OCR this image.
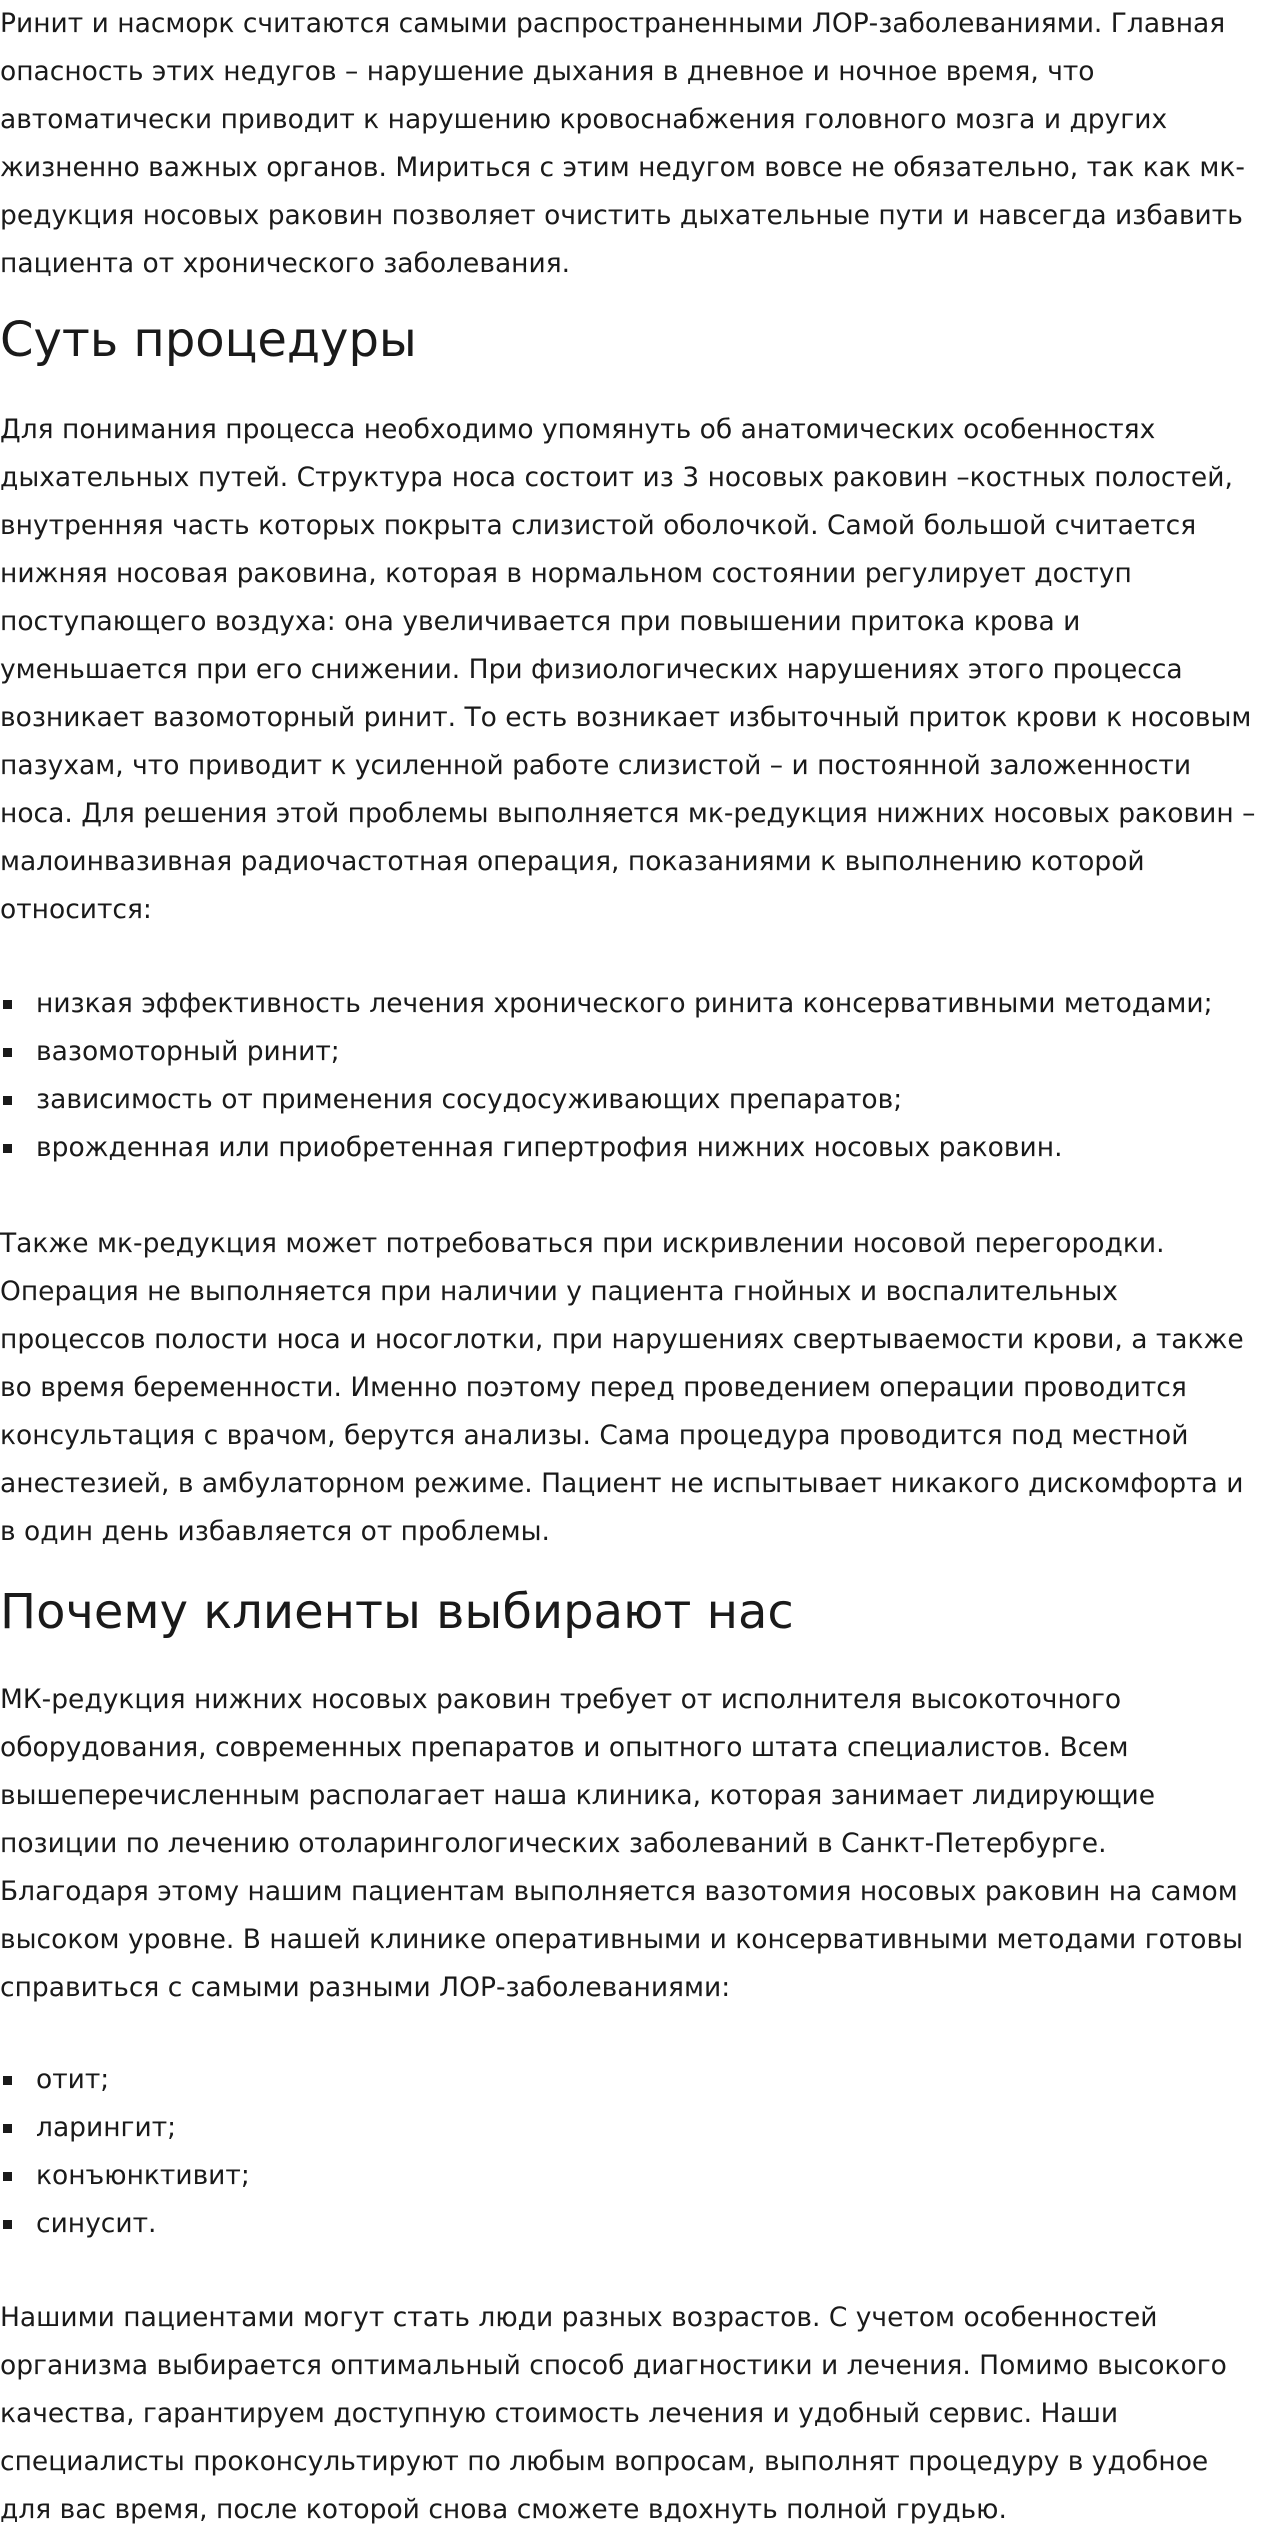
Ринит и насморк считаются самыми распространенными ЛОР-заболеваниями. Главная опасность этих недугов – нарушение дыхания в дневное и ночное время, что автоматически приводит к нарушению кровоснабжения головного мозга и других жизненно важных органов. Мириться с этим недугом вовсе не обязательно, так как мк-редукция носовых раковин позволяет очистить дыхательные пути и навсегда избавить пациента от хронического заболевания.

Суть процедуры

Для понимания процесса необходимо упомянуть об анатомических особенностях дыхательных путей. Структура носа состоит из 3 носовых раковин –костных полостей, внутренняя часть которых покрыта слизистой оболочкой. Самой большой считается нижняя носовая раковина, которая в нормальном состоянии регулирует доступ поступающего воздуха: она увеличивается при повышении притока крова и уменьшается при его снижении. При физиологических нарушениях этого процесса возникает вазомоторный ринит. То есть возникает избыточный приток крови к носовым пазухам, что приводит к усиленной работе слизистой – и постоянной заложенности носа. Для решения этой проблемы выполняется мк-редукция нижних носовых раковин – малоинвазивная радиочастотная операция, показаниями к выполнению которой относится:

низкая эффективность лечения хронического ринита консервативными методами;
вазомоторный ринит;
зависимость от применения сосудосуживающих препаратов;
врожденная или приобретенная гипертрофия нижних носовых раковин.

Также мк-редукция может потребоваться при искривлении носовой перегородки. Операция не выполняется при наличии у пациента гнойных и воспалительных процессов полости носа и носоглотки, при нарушениях свертываемости крови, а также во время беременности. Именно поэтому перед проведением операции проводится консультация с врачом, берутся анализы. Сама процедура проводится под местной анестезией, в амбулаторном режиме. Пациент не испытывает никакого дискомфорта и в один день избавляется от проблемы.

Почему клиенты выбирают нас

МК-редукция нижних носовых раковин требует от исполнителя высокоточного оборудования, современных препаратов и опытного штата специалистов. Всем вышеперечисленным располагает наша клиника, которая занимает лидирующие позиции по лечению отоларингологических заболеваний в Санкт-Петербурге. Благодаря этому нашим пациентам выполняется вазотомия носовых раковин на самом высоком уровне. В нашей клинике оперативными и консервативными методами готовы справиться с самыми разными ЛОР-заболеваниями:

отит;
ларингит;
конъюнктивит;
синусит.

Нашими пациентами могут стать люди разных возрастов. С учетом особенностей организма выбирается оптимальный способ диагностики и лечения. Помимо высокого качества, гарантируем доступную стоимость лечения и удобный сервис. Наши специалисты проконсультируют по любым вопросам, выполнят процедуру в удобное для вас время, после которой снова сможете вдохнуть полной грудью.
